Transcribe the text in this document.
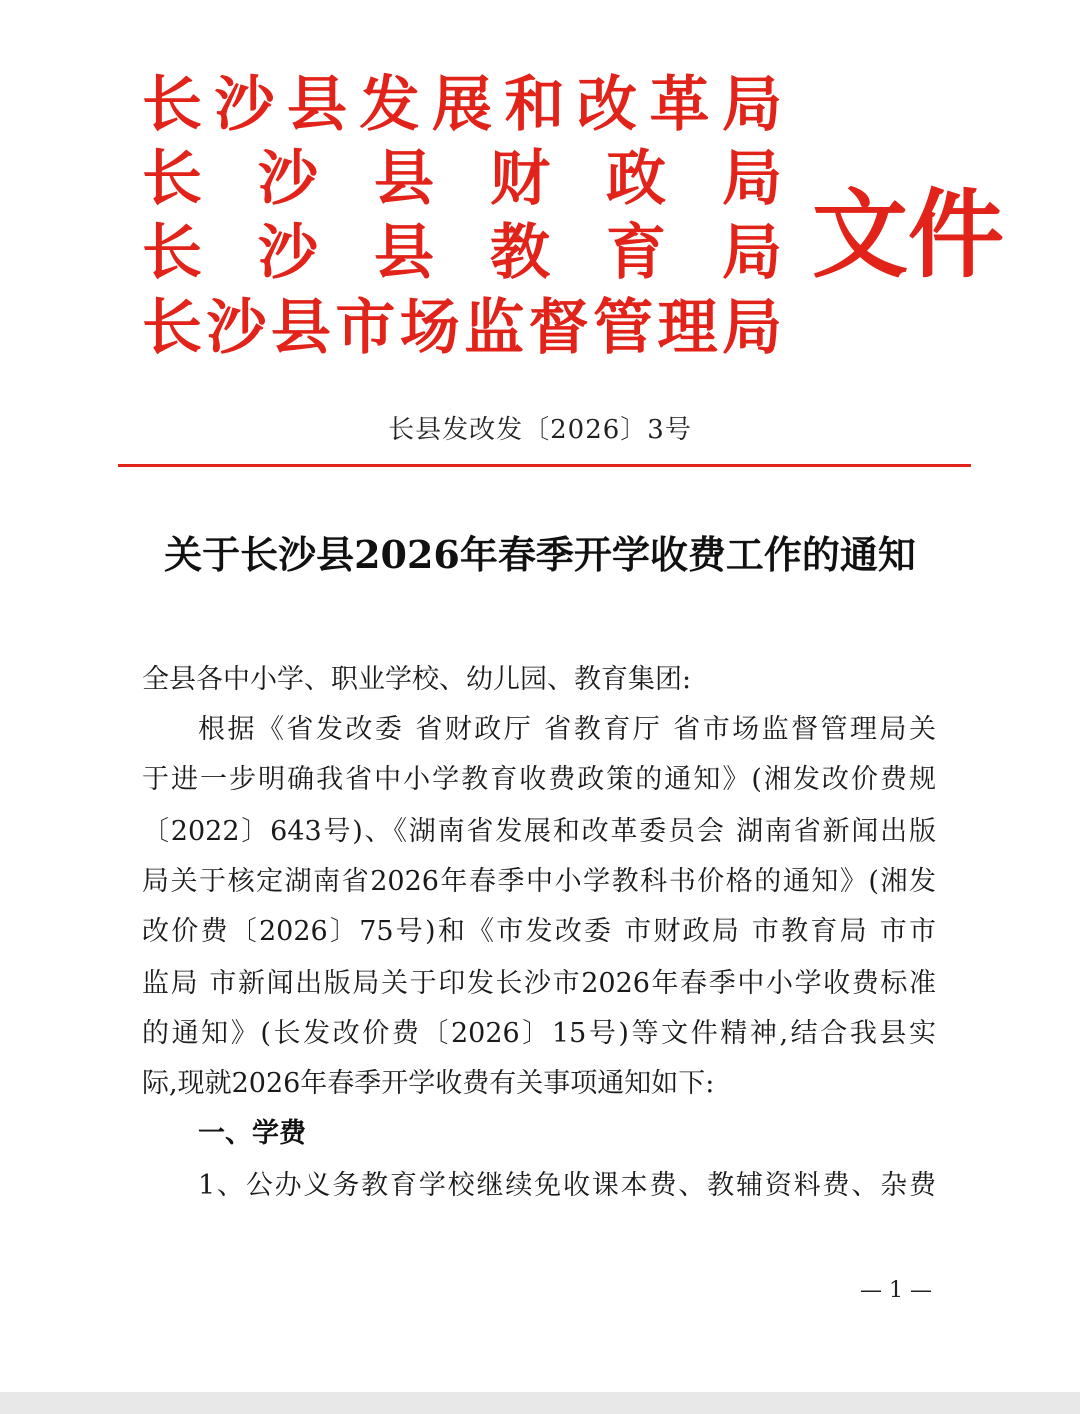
长 沙 县 发 展 和 改 革 局
长 沙 县 财 政 局
长 沙 县 教 育 局
长 沙 县 市 场 监 督 管 理 局
文件
长县发改发〔2026〕3号
关于长沙县2026年春季开学收费工作的通知
全县各中小学、职业学校、幼儿园、教育集团:
根据《省发改委 省财政厅 省教育厅 省市场监督管理局关
于进一步明确我省中小学教育收费政策的通知》(湘发改价费规
〔2022〕643号)、《湖南省发展和改革委员会 湖南省新闻出版
局关于核定湖南省2026年春季中小学教科书价格的通知》(湘发
改价费〔2026〕75号)和《市发改委 市财政局 市教育局 市市
监局 市新闻出版局关于印发长沙市2026年春季中小学收费标准
的通知》(长发改价费〔2026〕15号)等文件精神,结合我县实
际,现就2026年春季开学收费有关事项通知如下:
一、学费
1、公办义务教育学校继续免收课本费、教辅资料费、杂费
— 1 —
